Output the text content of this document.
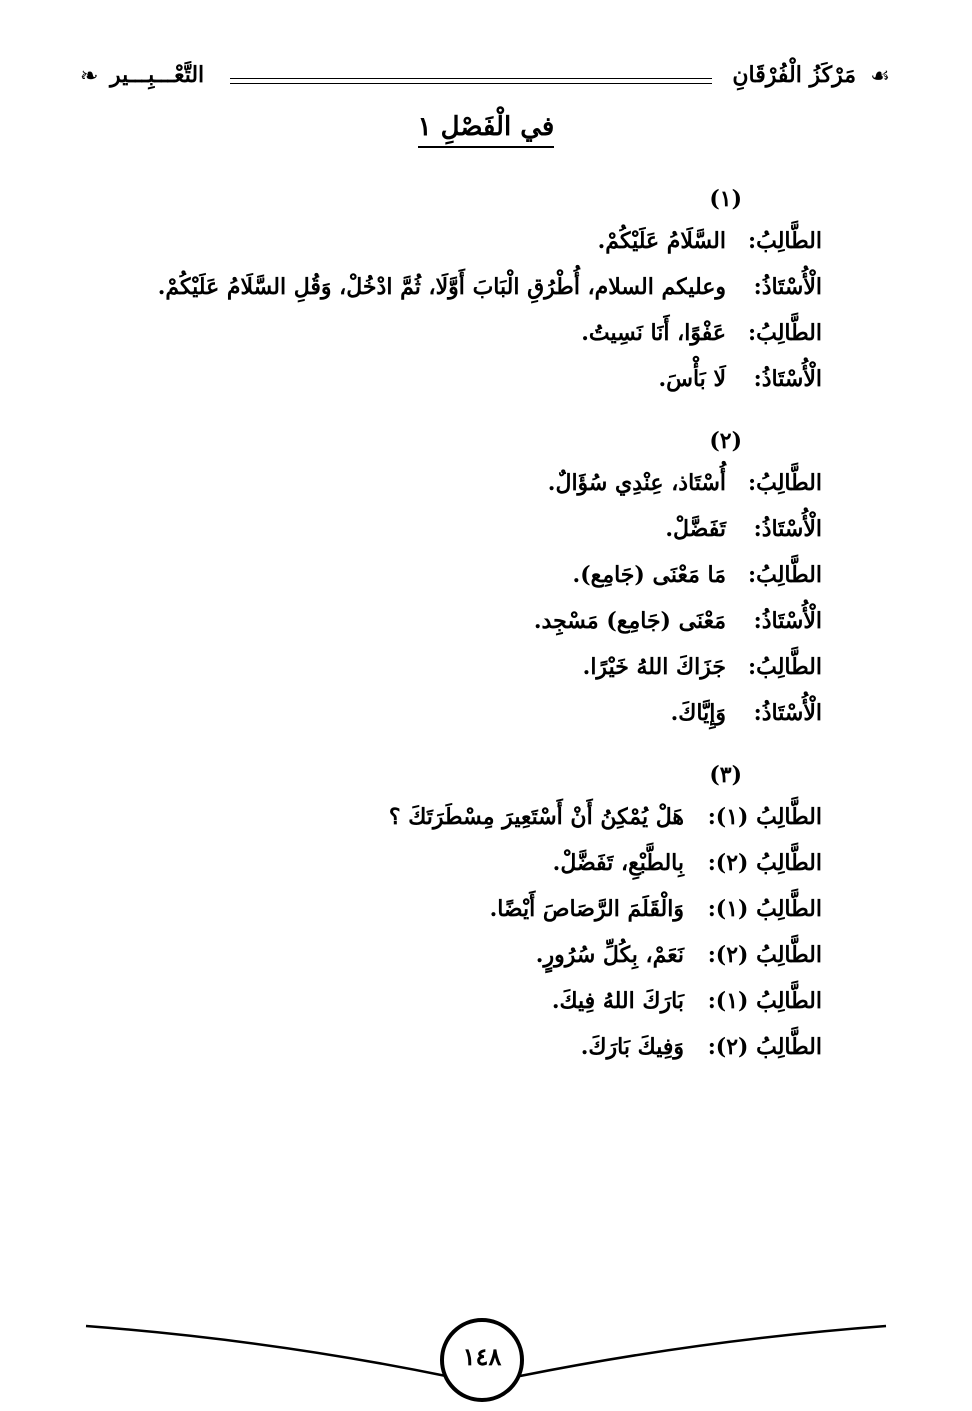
☙
مَرْكَزُ الْفُرْقَانِ
التَّعْـــبِـــير
❧
في الْفَصْلِ ١
(١)
الطَّالِبُ:
السَّلَامُ عَلَيْكُمْ.
الْأُسْتَاذُ:
وعليكم السلام، أُطْرُقِ الْبَابَ أَوَّلَا، ثُمَّ ادْخُلْ، وَقُلِ السَّلَامُ عَلَيْكُمْ.
الطَّالِبُ:
عَفْوًا، أَنَا نَسِيتُ.
الْأُسْتَاذُ:
لَا بَأْسَ.
(٢)
الطَّالِبُ:
أُسْتَاذ، عِنْدِي سُؤَالٌ.
الْأُسْتَاذُ:
تَفَضَّلْ.
الطَّالِبُ:
مَا مَعْنَى (جَامِع).
الْأُسْتَاذُ:
مَعْنَى (جَامِع) مَسْجِد.
الطَّالِبُ:
جَزَاكَ اللهُ خَيْرًا.
الْأُسْتَاذُ:
وَإِيَّاكَ.
(٣)
الطَّالِبُ (١):
هَلْ يُمْكِنُ أَنْ أَسْتَعِيرَ مِسْطَرَتَكَ ؟
الطَّالِبُ (٢):
بِالطَّبْعِ، تَفَضَّلْ.
الطَّالِبُ (١):
وَالْقَلَمَ الرَّصَاصَ أَيْضًا.
الطَّالِبُ (٢):
نَعَمْ، بِكُلِّ سُرُورٍ.
الطَّالِبُ (١):
بَارَكَ اللهُ فِيكَ.
الطَّالِبُ (٢):
وَفِيكَ بَارَكَ.
١٤٨
